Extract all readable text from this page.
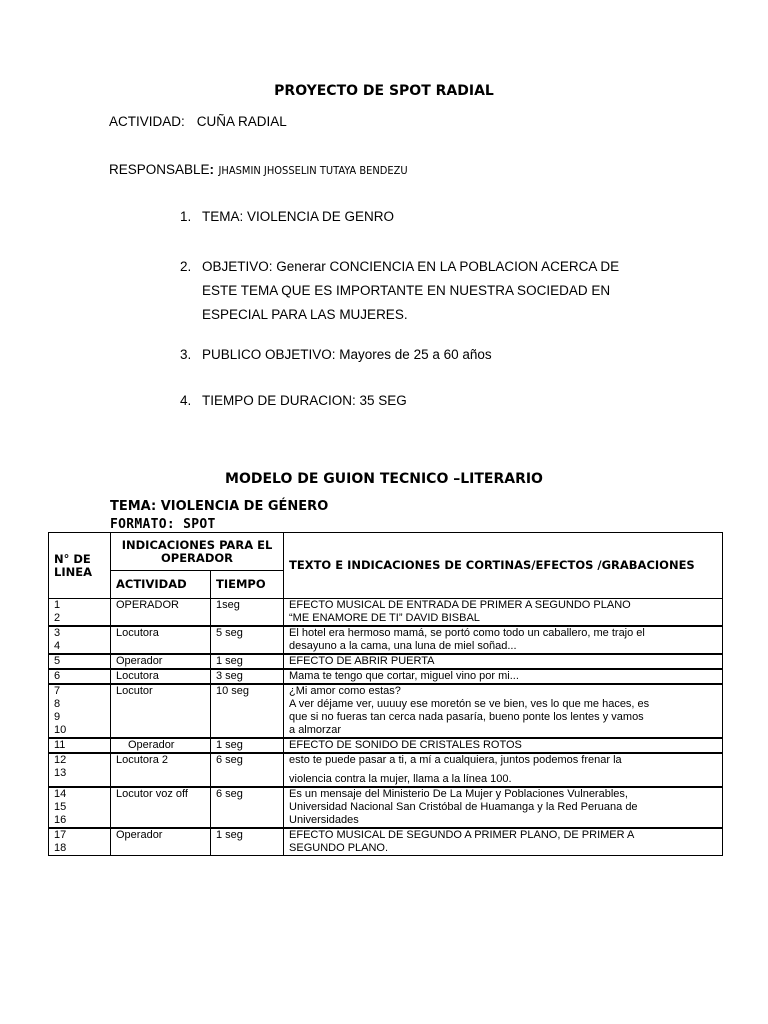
PROYECTO DE SPOT RADIAL
ACTIVIDAD: CUÑA RADIAL
RESPONSABLE: JHASMIN JHOSSELIN TUTAYA BENDEZU
1. TEMA: VIOLENCIA DE GENRO
2. OBJETIVO: Generar CONCIENCIA EN LA POBLACION ACERCA DE
ESTE TEMA QUE ES IMPORTANTE EN NUESTRA SOCIEDAD EN
ESPECIAL PARA LAS MUJERES.
3. PUBLICO OBJETIVO: Mayores de 25 a 60 años
4. TIEMPO DE DURACION: 35 SEG
MODELO DE GUION TECNICO –LITERARIO
TEMA: VIOLENCIA DE GÉNERO
FORMATO: SPOT
N° DE LINEA	INDICACIONES PARA EL OPERADOR		TEXTO E INDICACIONES DE CORTINAS/EFECTOS /GRABACIONES
	ACTIVIDAD	TIEMPO	

1
2	OPERADOR	1seg	EFECTO MUSICAL DE ENTRADA DE PRIMER A SEGUNDO PLANO
“ME ENAMORE DE TI” DAVID BISBAL

3
4	Locutora	5 seg	El hotel era hermoso mamá, se portó como todo un caballero, me trajo el
desayuno a la cama, una luna de miel soñad...

5	Operador	1 seg	EFECTO DE ABRIR PUERTA

6	Locutora	3 seg	Mama te tengo que cortar, miguel vino por mi...

7
8
9
10	Locutor	10 seg	¿Mi amor como estas?
A ver déjame ver, uuuuy ese moretón se ve bien, ves lo que me haces, es
que si no fueras tan cerca nada pasaría, bueno ponte los lentes y vamos
a almorzar

11	Operador	1 seg	EFECTO DE SONIDO DE CRISTALES ROTOS

12
13	Locutora 2	6 seg	esto te puede pasar a ti, a mí a cualquiera, juntos podemos frenar la
violencia contra la mujer, llama a la línea 100.

14
15
16	Locutor voz off	6 seg	Es un mensaje del Ministerio De La Mujer y Poblaciones Vulnerables,
Universidad Nacional San Cristóbal de Huamanga y la Red Peruana de
Universidades

17
18	Operador	1 seg	EFECTO MUSICAL DE SEGUNDO A PRIMER PLANO, DE PRIMER A
SEGUNDO PLANO.
